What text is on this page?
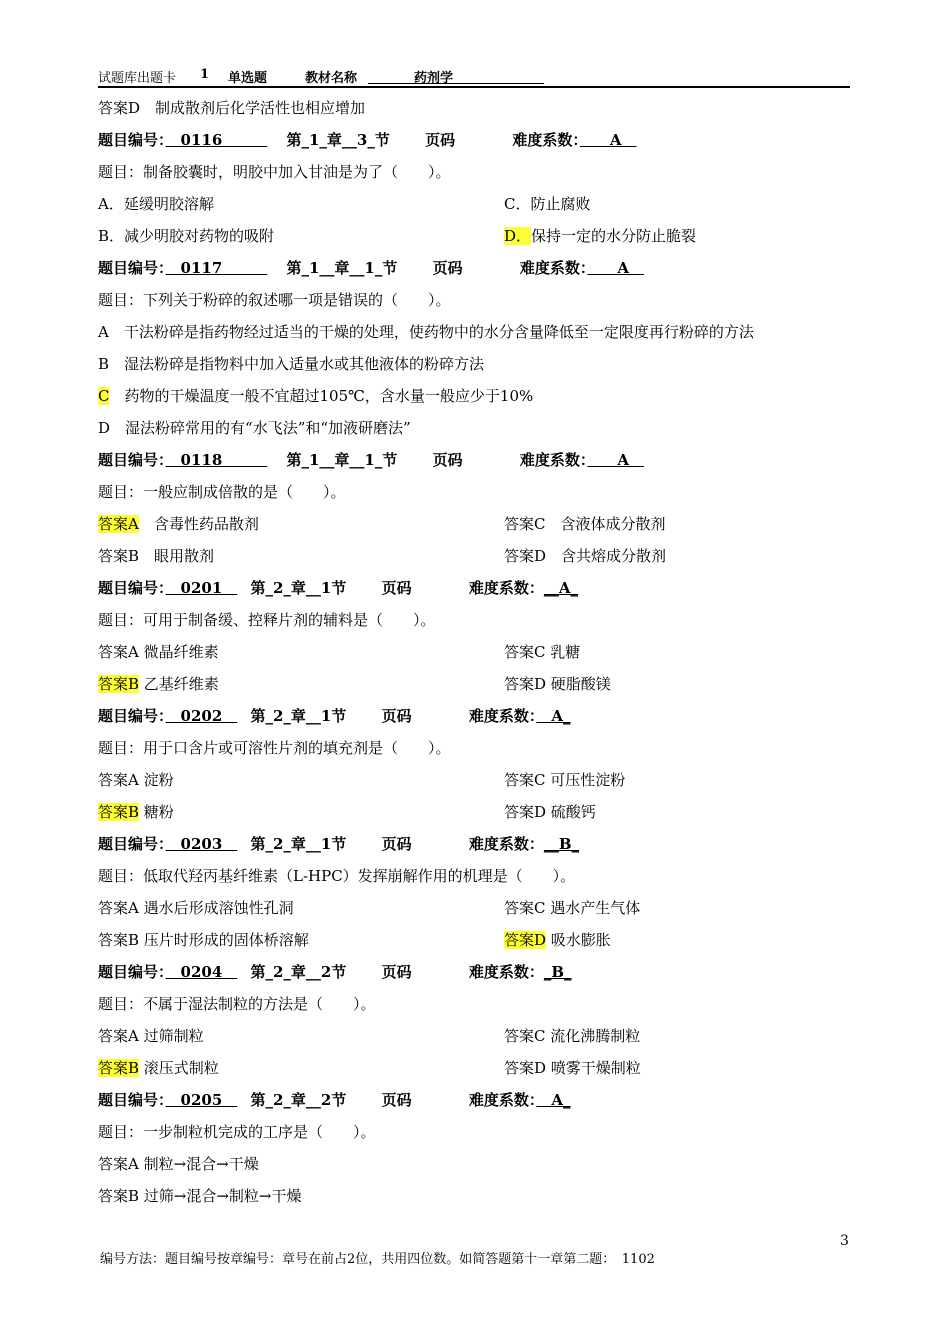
试题库出题卡 1 单选题	教材名称	药剂学
答案D　制成散剂后化学活性也相应增加
题目编号：　0116　　　 第_1_章__3_节 页码	难度系数：　　A　
题目：制备胶囊时，明胶中加入甘油是为了（　　）。
A．延缓明胶溶解	C．防止腐败
B．减少明胶对药物的吸附	D．保持一定的水分防止脆裂
题目编号：　0117　　　 第_1__章__1_节 页码	难度系数：　　A　
题目：下列关于粉碎的叙述哪一项是错误的（　　）。
A　干法粉碎是指药物经过适当的干燥的处理，使药物中的水分含量降低至一定限度再行粉碎的方法
B　湿法粉碎是指物料中加入适量水或其他液体的粉碎方法
C　药物的干燥温度一般不宜超过105℃，含水量一般应少于10%
D　湿法粉碎常用的有“水飞法”和“加液研磨法”
题目编号：　0118　　　 第_1__章__1_节 页码	难度系数：　　A　
题目：一般应制成倍散的是（　　）。
答案A　含毒性药品散剂	答案C　含液体成分散剂
答案B　眼用散剂	答案D　含共熔成分散剂
题目编号：　0201　 第_2_章__1节 页码	难度系数：__A_
题目：可用于制备缓、控释片剂的辅料是（　　）。
答案A 微晶纤维素	答案C 乳糖
答案B 乙基纤维素	答案D 硬脂酸镁
题目编号：　0202　 第_2_章__1节 页码	难度系数：　A_
题目：用于口含片或可溶性片剂的填充剂是（　　）。
答案A 淀粉	答案C 可压性淀粉
答案B 糖粉	答案D 硫酸钙
题目编号：　0203　 第_2_章__1节 页码	难度系数：__B_
题目：低取代羟丙基纤维素（L-HPC）发挥崩解作用的机理是（　　）。
答案A 遇水后形成溶蚀性孔洞	答案C 遇水产生气体
答案B 压片时形成的固体桥溶解	答案D 吸水膨胀
题目编号：　0204　 第_2_章__2节 页码	难度系数：_B_
题目：不属于湿法制粒的方法是（　　）。
答案A 过筛制粒	答案C 流化沸腾制粒
答案B 滚压式制粒	答案D 喷雾干燥制粒
题目编号：　0205　 第_2_章__2节 页码	难度系数：　A_
题目：一步制粒机完成的工序是（　　）。
答案A 制粒→混合→干燥
答案B 过筛→混合→制粒→干燥
3
编号方法：题目编号按章编号：章号在前占2位，共用四位数。如简答题第十一章第二题：　1102
